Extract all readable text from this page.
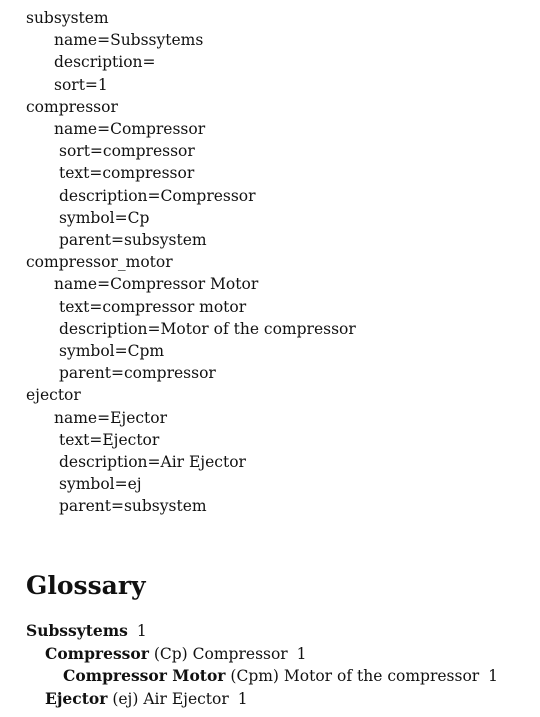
subsystem
name=Subssytems
description=
sort=1
compressor
name=Compressor
sort=compressor
text=compressor
description=Compressor
symbol=Cp
parent=subsystem
compressor_motor
name=Compressor Motor
text=compressor motor
description=Motor of the compressor
symbol=Cpm
parent=compressor
ejector
name=Ejector
text=Ejector
description=Air Ejector
symbol=ej
parent=subsystem
Glossary
Subssytems 1
Compressor (Cp) Compressor 1
Compressor Motor (Cpm) Motor of the compressor 1
Ejector (ej) Air Ejector 1
